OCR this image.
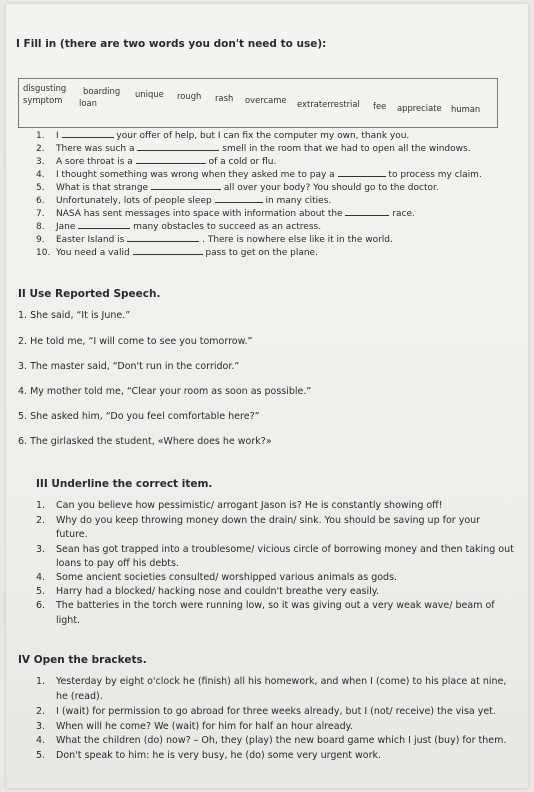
I Fill in (there are two words you don't need to use):
disgusting boarding unique rough rash overcame extraterrestrial fee appreciate human
symptom loan
1. I	your offer of help, but I can fix the computer my own, thank you.
2. There was such a	smell in the room that we had to open all the windows.
3. A sore throat is a	of a cold or flu.
4. I thought something was wrong when they asked me to pay a	to process my claim.
5. What is that strange	all over your body? You should go to the doctor.
6. Unfortunately, lots of people sleep	in many cities.
7. NASA has sent messages into space with information about the	race.
8. Jane	many obstacles to succeed as an actress.
9. Easter Island is	. There is nowhere else like it in the world.
10. You need a valid	pass to get on the plane.
II Use Reported Speech.
1. She said, “It is June.”
2. He told me, “I will come to see you tomorrow.”
3. The master said, “Don't run in the corridor.”
4. My mother told me, “Clear your room as soon as possible.”
5. She asked him, “Do you feel comfortable here?”
6. The girlasked the student, «Where does he work?»
III Underline the correct item.
1. Can you believe how pessimistic/ arrogant Jason is? He is constantly showing off!
2. Why do you keep throwing money down the drain/ sink. You should be saving up for your
future.
3. Sean has got trapped into a troublesome/ vicious circle of borrowing money and then taking out
loans to pay off his debts.
4. Some ancient societies consulted/ worshipped various animals as gods.
5. Harry had a blocked/ hacking nose and couldn't breathe very easily.
6. The batteries in the torch were running low, so it was giving out a very weak wave/ beam of
light.
IV Open the brackets.
1. Yesterday by eight o'clock he (finish) all his homework, and when I (come) to his place at nine,
he (read).
2. I (wait) for permission to go abroad for three weeks already, but I (not/ receive) the visa yet.
3. When will he come? We (wait) for him for half an hour already.
4. What the children (do) now? – Oh, they (play) the new board game which I just (buy) for them.
5. Don't speak to him: he is very busy, he (do) some very urgent work.
